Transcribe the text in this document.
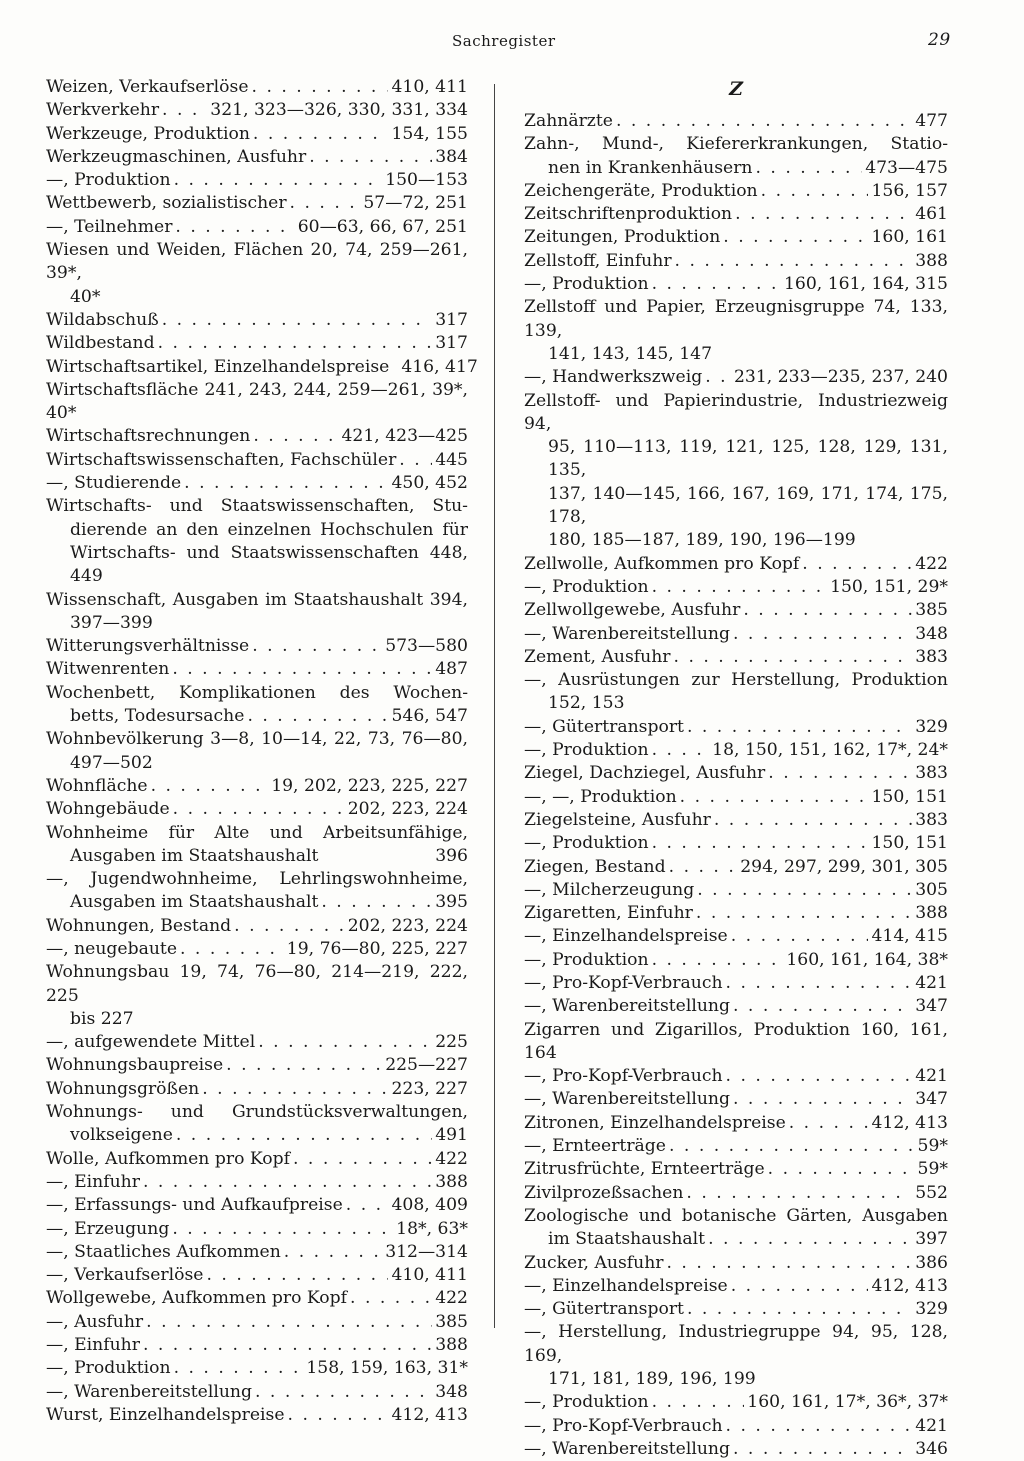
Sachregister	29
Weizen, Verkaufserlöse . . .	410, 411
Werkverkehr . . .	321, 323—326, 330, 331, 334
Werkzeuge, Produktion . . .	154, 155
Werkzeugmaschinen, Ausfuhr . . .	384
—, Produktion . . .	150—153
Wettbewerb, sozialistischer . . .	57—72, 251
—, Teilnehmer . . .	60—63, 66, 67, 251
Wiesen und Weiden, Flächen 20, 74, 259—261, 39*,
40*
Wildabschuß . . .	317
Wildbestand . . .	317
Wirtschaftsartikel, Einzelhandelspreise 416, 417
Wirtschaftsfläche 241, 243, 244, 259—261, 39*, 40*
Wirtschaftsrechnungen . . .	421, 423—425
Wirtschaftswissenschaften, Fachschüler . . . 445
—, Studierende . . .	450, 452
Wirtschafts- und Staatswissenschaften, Stu-
dierende an den einzelnen Hochschulen für
Wirtschafts- und Staatswissenschaften 448, 449
Wissenschaft, Ausgaben im Staatshaushalt 394,
397—399
Witterungsverhältnisse . . .	573—580
Witwenrenten . . .	487
Wochenbett, Komplikationen des Wochen-
betts, Todesursache . . .	546, 547
Wohnbevölkerung 3—8, 10—14, 22, 73, 76—80,
497—502
Wohnfläche . . .	19, 202, 223, 225, 227
Wohngebäude . . .	202, 223, 224
Wohnheime für Alte und Arbeitsunfähige,
Ausgaben im Staatshaushalt	396
—, Jugendwohnheime, Lehrlingswohnheime,
Ausgaben im Staatshaushalt . . .	395
Wohnungen, Bestand . . .	202, 223, 224
—, neugebaute . . .	19, 76—80, 225, 227
Wohnungsbau 19, 74, 76—80, 214—219, 222, 225
bis 227
—, aufgewendete Mittel . . .	225
Wohnungsbaupreise . . .	225—227
Wohnungsgrößen . . .	223, 227
Wohnungs- und Grundstücksverwaltungen,
volkseigene . . .	491
Wolle, Aufkommen pro Kopf . . .	422
—, Einfuhr . . .	388
—, Erfassungs- und Aufkaufpreise . . .	408, 409
—, Erzeugung . . .	18*, 63*
—, Staatliches Aufkommen . . .	312—314
—, Verkaufserlöse . . .	410, 411
Wollgewebe, Aufkommen pro Kopf . . .	422
—, Ausfuhr . . .	385
—, Einfuhr . . .	388
—, Produktion . . .	158, 159, 163, 31*
—, Warenbereitstellung . . .	348
Wurst, Einzelhandelspreise . . .	412, 413
Z
Zahnärzte . . .	477
Zahn-, Mund-, Kiefererkrankungen, Statio-
nen in Krankenhäusern . . .	473—475
Zeichengeräte, Produktion . . .	156, 157
Zeitschriftenproduktion . . .	461
Zeitungen, Produktion . . .	160, 161
Zellstoff, Einfuhr . . .	388
—, Produktion . . .	160, 161, 164, 315
Zellstoff und Papier, Erzeugnisgruppe 74, 133, 139,
141, 143, 145, 147
—, Handwerkszweig . . . 231, 233—235, 237, 240
Zellstoff- und Papierindustrie, Industriezweig 94,
95, 110—113, 119, 121, 125, 128, 129, 131, 135,
137, 140—145, 166, 167, 169, 171, 174, 175, 178,
180, 185—187, 189, 190, 196—199
Zellwolle, Aufkommen pro Kopf . . .	422
—, Produktion . . .	150, 151, 29*
Zellwollgewebe, Ausfuhr . . .	385
—, Warenbereitstellung . . .	348
Zement, Ausfuhr . . .	383
—, Ausrüstungen zur Herstellung, Produktion
152, 153
—, Gütertransport . . .	329
—, Produktion . . .	18, 150, 151, 162, 17*, 24*
Ziegel, Dachziegel, Ausfuhr . . .	383
—, —, Produktion . . .	150, 151
Ziegelsteine, Ausfuhr . . .	383
—, Produktion . . .	150, 151
Ziegen, Bestand . . .	294, 297, 299, 301, 305
—, Milcherzeugung . . .	305
Zigaretten, Einfuhr . . .	388
—, Einzelhandelspreise . . .	414, 415
—, Produktion . . .	160, 161, 164, 38*
—, Pro-Kopf-Verbrauch . . .	421
—, Warenbereitstellung . . .	347
Zigarren und Zigarillos, Produktion 160, 161, 164
—, Pro-Kopf-Verbrauch . . .	421
—, Warenbereitstellung . . .	347
Zitronen, Einzelhandelspreise . . .	412, 413
—, Ernteerträge . . .	59*
Zitrusfrüchte, Ernteerträge . . .	59*
Zivilprozeßsachen . . .	552
Zoologische und botanische Gärten, Ausgaben
im Staatshaushalt . . .	397
Zucker, Ausfuhr . . .	386
—, Einzelhandelspreise . . .	412, 413
—, Gütertransport . . .	329
—, Herstellung, Industriegruppe 94, 95, 128, 169,
171, 181, 189, 196, 199
—, Produktion . . .	160, 161, 17*, 36*, 37*
—, Pro-Kopf-Verbrauch . . .	421
—, Warenbereitstellung . . .	346
